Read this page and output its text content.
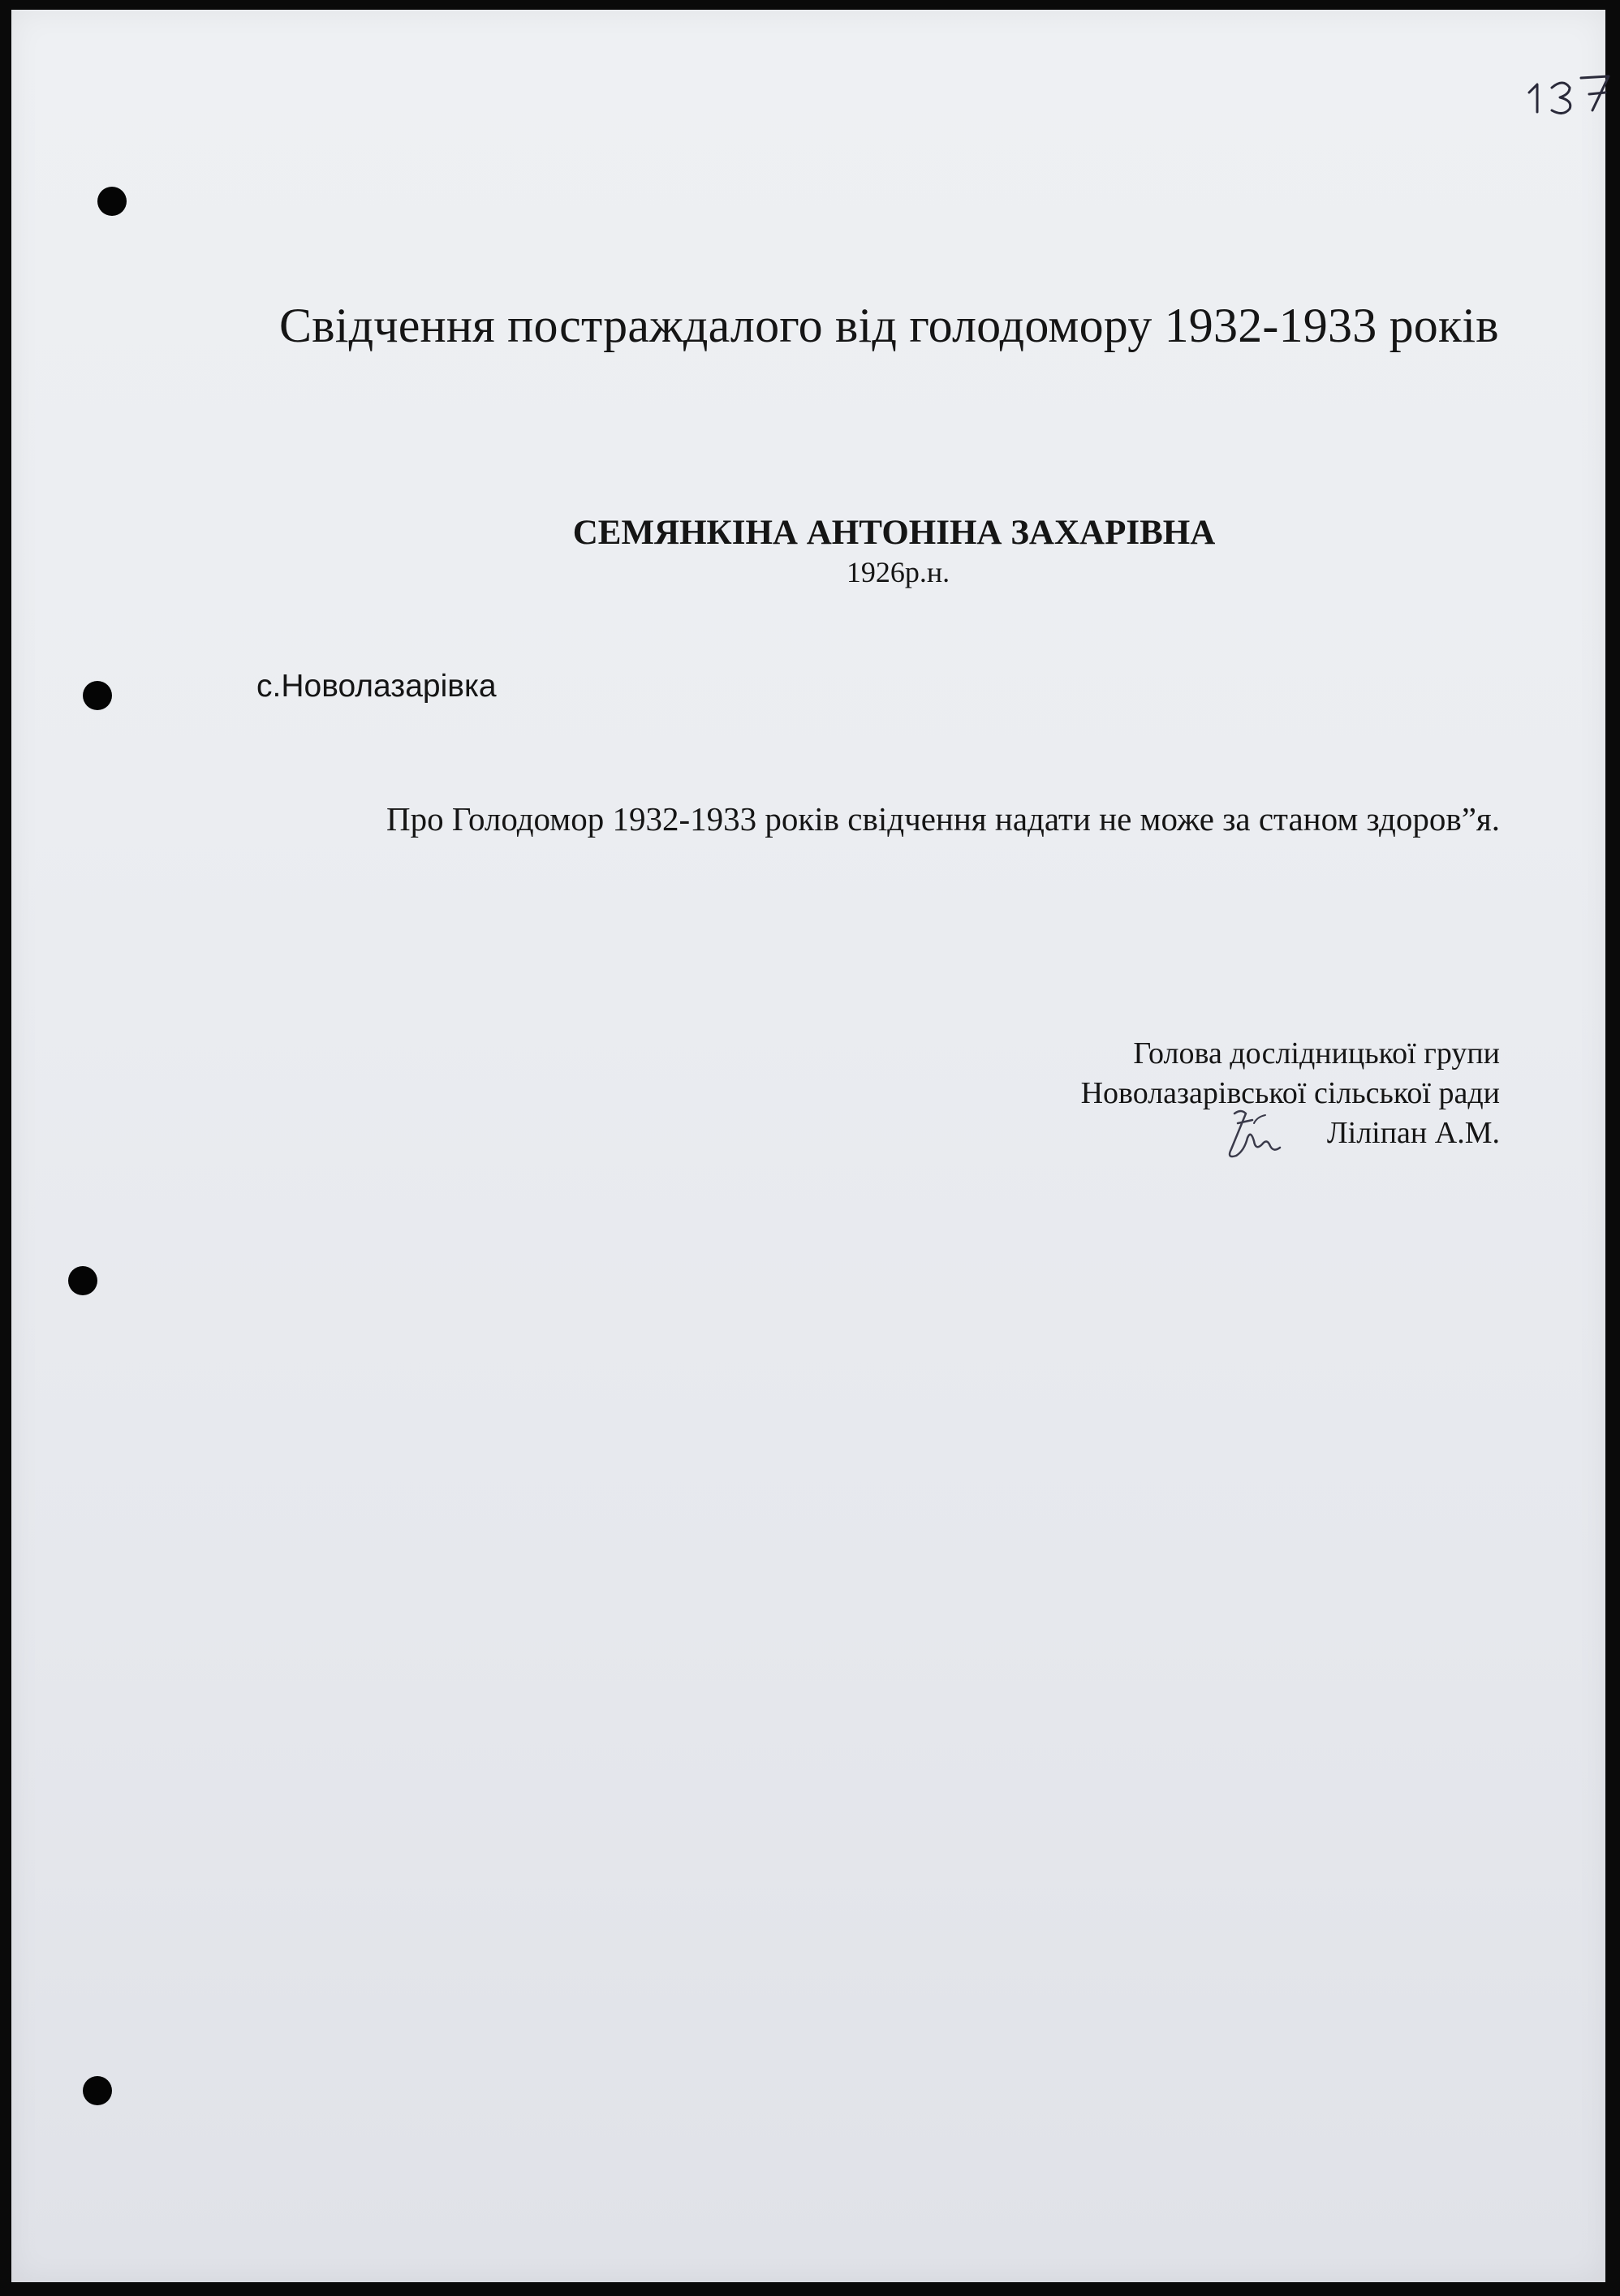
Свідчення постраждалого від голодомору 1932-1933 років
СЕМЯНКІНА АНТОНІНА ЗАХАРІВНА
1926р.н.
с.Новолазарівка
Про Голодомор 1932-1933 років свідчення надати не може за станом здоров”я.
Голова дослідницької групи
Новолазарівської сільської ради
Ліліпан А.М.
